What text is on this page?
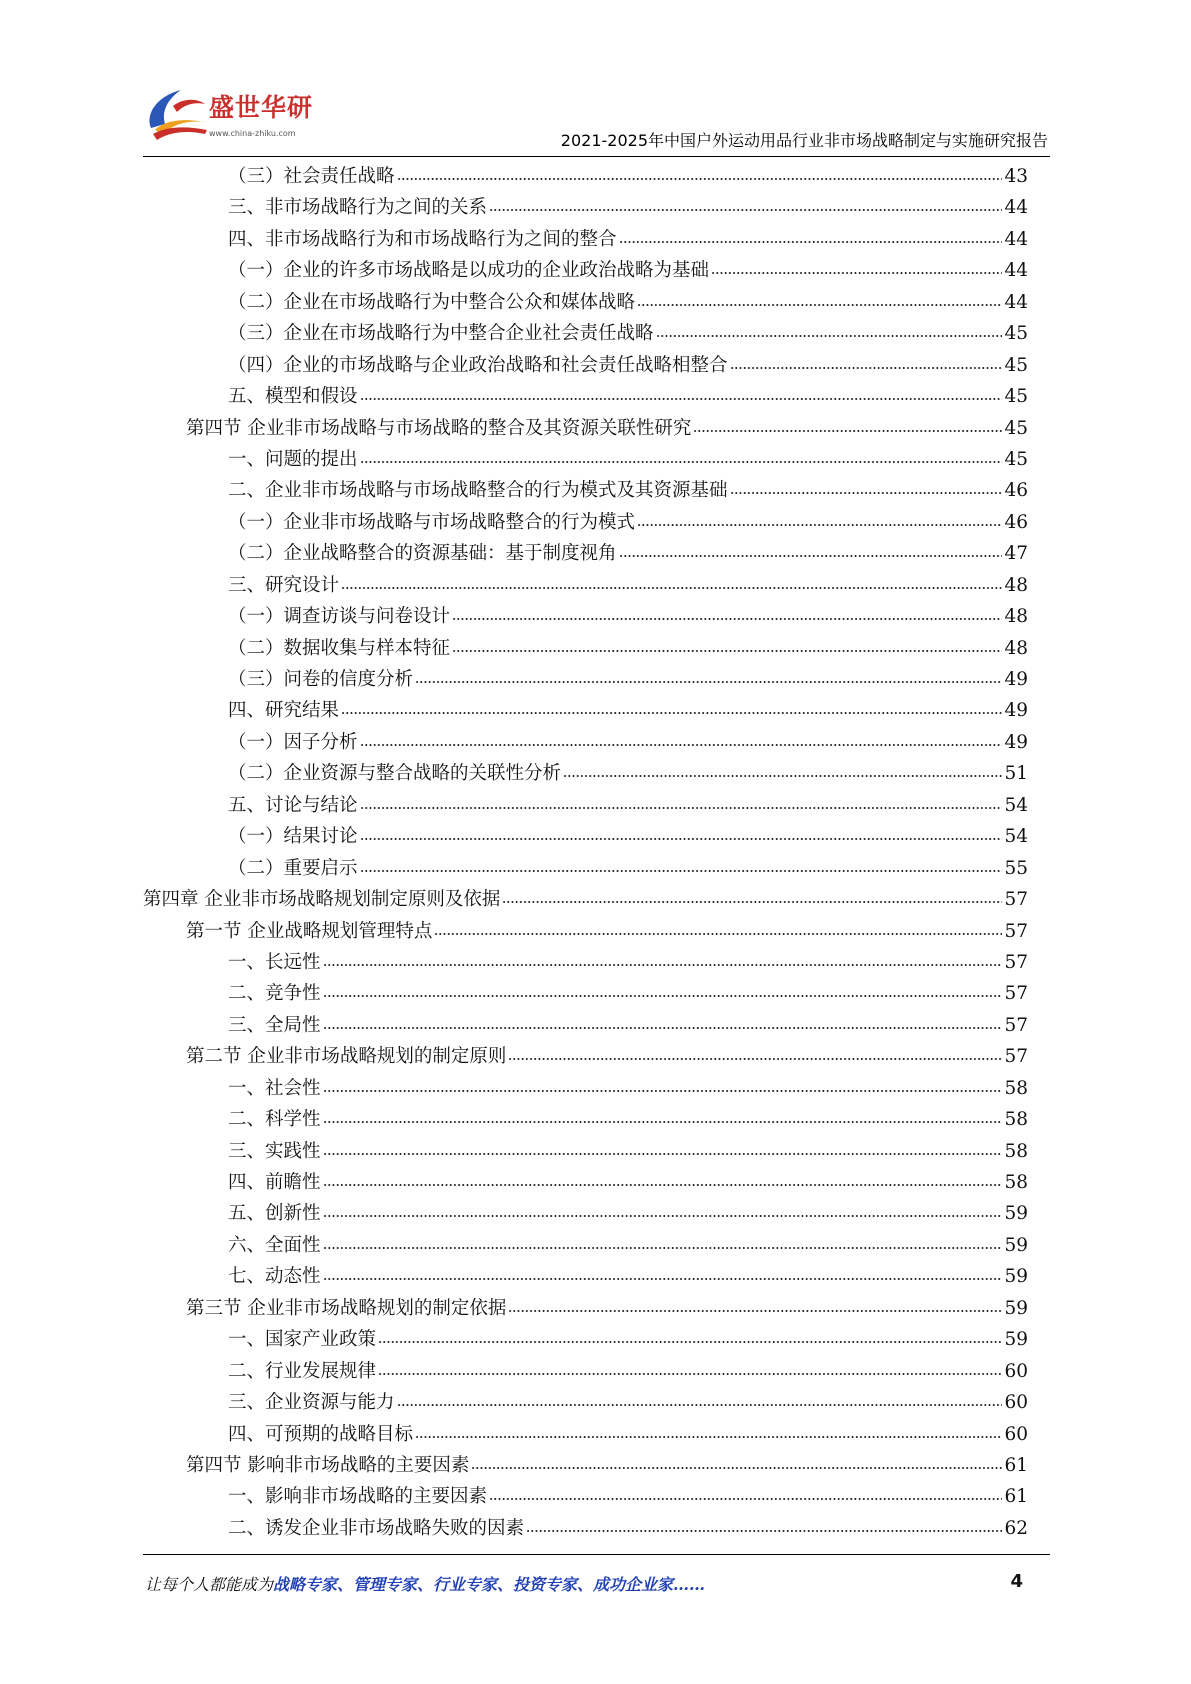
盛世华研
www.china-zhiku.com	2021-2025年中国户外运动用品行业非市场战略制定与实施研究报告
（三）社会责任战略	43
三、非市场战略行为之间的关系	44
四、非市场战略行为和市场战略行为之间的整合	44
（一）企业的许多市场战略是以成功的企业政治战略为基础	44
（二）企业在市场战略行为中整合公众和媒体战略	44
（三）企业在市场战略行为中整合企业社会责任战略	45
（四）企业的市场战略与企业政治战略和社会责任战略相整合	45
五、模型和假设	45
第四节 企业非市场战略与市场战略的整合及其资源关联性研究	45
一、问题的提出	45
二、企业非市场战略与市场战略整合的行为模式及其资源基础	46
（一）企业非市场战略与市场战略整合的行为模式	46
（二）企业战略整合的资源基础：基于制度视角	47
三、研究设计	48
（一）调查访谈与问卷设计	48
（二）数据收集与样本特征	48
（三）问卷的信度分析	49
四、研究结果	49
（一）因子分析	49
（二）企业资源与整合战略的关联性分析	51
五、讨论与结论	54
（一）结果讨论	54
（二）重要启示	55
第四章 企业非市场战略规划制定原则及依据	57
第一节 企业战略规划管理特点	57
一、长远性	57
二、竞争性	57
三、全局性	57
第二节 企业非市场战略规划的制定原则	57
一、社会性	58
二、科学性	58
三、实践性	58
四、前瞻性	58
五、创新性	59
六、全面性	59
七、动态性	59
第三节 企业非市场战略规划的制定依据	59
一、国家产业政策	59
二、行业发展规律	60
三、企业资源与能力	60
四、可预期的战略目标	60
第四节 影响非市场战略的主要因素	61
一、影响非市场战略的主要因素	61
二、诱发企业非市场战略失败的因素	62
让每个人都能成为战略专家、管理专家、行业专家、投资专家、成功企业家……	4
